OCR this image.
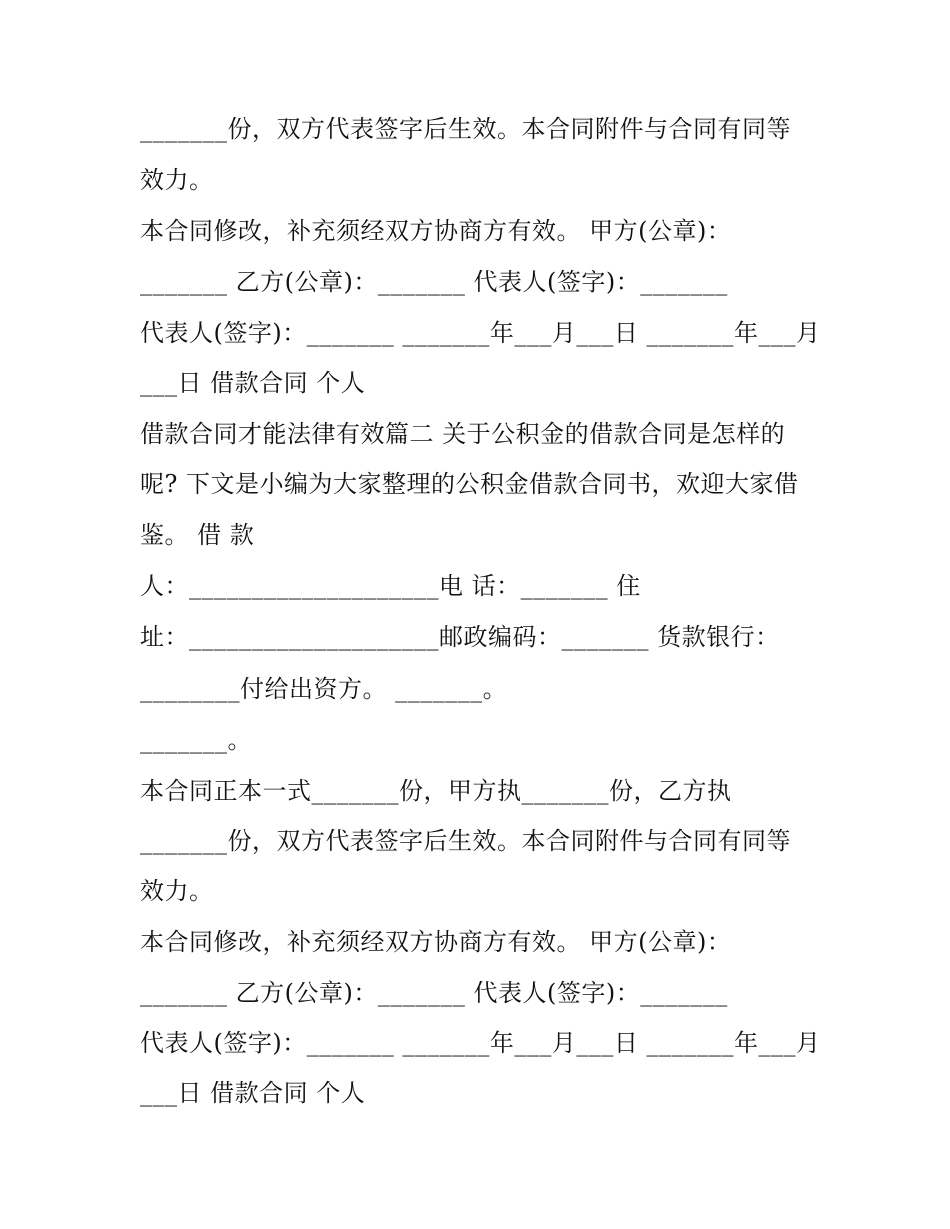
_______份，双方代表签字后生效。本合同附件与合同有同等
效力。
本合同修改，补充须经双方协商方有效。 甲方(公章)：
_______ 乙方(公章)：_______ 代表人(签字)：_______
代表人(签字)：_______ _______年___月___日 _______年___月
___日 借款合同 个人
借款合同才能法律有效篇二 关于公积金的借款合同是怎样的
呢? 下文是小编为大家整理的公积金借款合同书，欢迎大家借
鉴。 借 款
人：____________________电 话：_______ 住
址：____________________邮政编码：_______ 货款银行：
________付给出资方。 _______。
_______。
本合同正本一式_______份，甲方执_______份，乙方执
_______份，双方代表签字后生效。本合同附件与合同有同等
效力。
本合同修改，补充须经双方协商方有效。 甲方(公章)：
_______ 乙方(公章)：_______ 代表人(签字)：_______
代表人(签字)：_______ _______年___月___日 _______年___月
___日 借款合同 个人
